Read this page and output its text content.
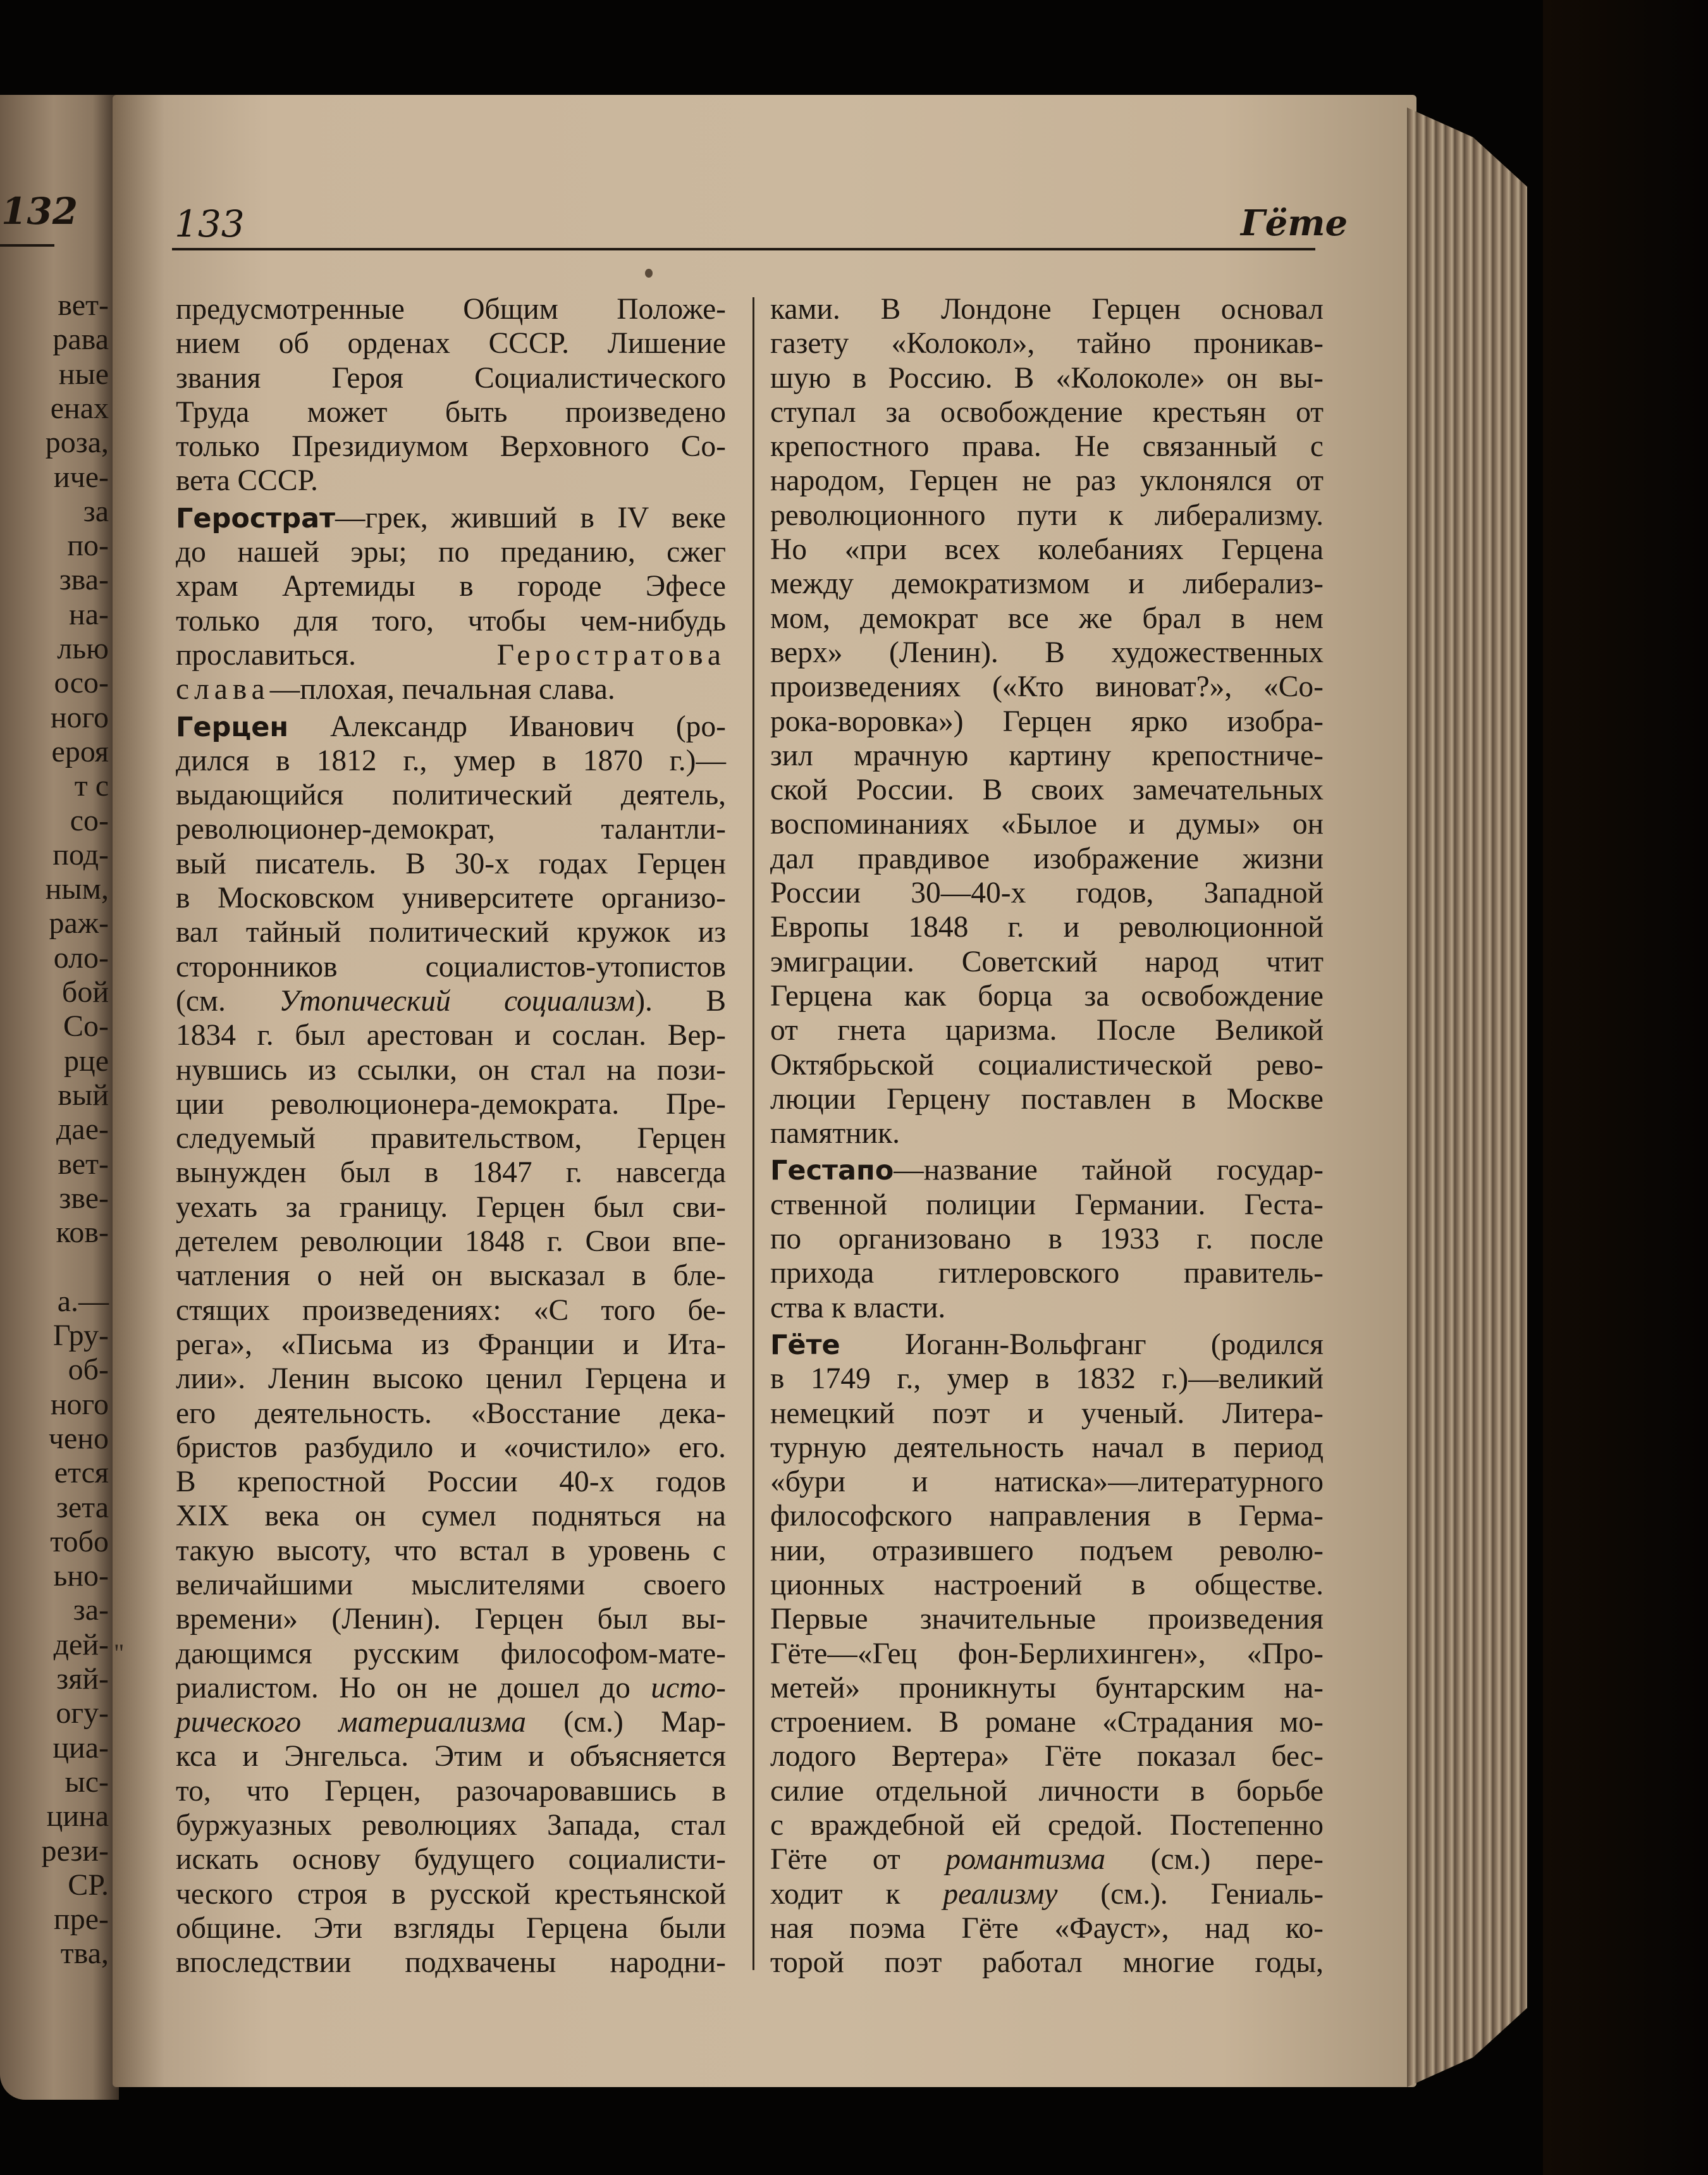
132
вет-
рава
ные
енах
роза,
иче-
за
по-
зва-
на-
лью
осо-
ного
ероя
т с
со-
под-
ным,
раж-
оло-
бой
Со-
рце
вый
дае-
вет-
зве-
ков-
а.—
Гру-
об-
ного
чено
ется
зета
тобо
ьно-
за-
дей-
зяй-
огу-
циа-
ыс-
цина
рези-
СР.
пре-
тва,
133	Гёте
"
предусмотренные Общим Положе-
нием об орденах СССР. Лишение
звания Героя Социалистического
Труда может быть произведено
только Президиумом Верховного Со-
вета СССР.
Герострат—грек, живший в IV веке
до нашей эры; по преданию, сжег
храм Артемиды в городе Эфесе
только для того, чтобы чем-нибудь
прославиться.	Геростратова
слава—плохая, печальная слава.
Герцен Александр Иванович (ро-
дился в 1812 г., умер в 1870 г.)—
выдающийся политический деятель,
революционер-демократ, талантли-
вый писатель. В 30-х годах Герцен
в Московском университете организо-
вал тайный политический кружок из
сторонников социалистов-утопистов
(см. Утопический социализм). В
1834 г. был арестован и сослан. Вер-
нувшись из ссылки, он стал на пози-
ции революционера-демократа. Пре-
следуемый правительством, Герцен
вынужден был в 1847 г. навсегда
уехать за границу. Герцен был сви-
детелем революции 1848 г. Свои впе-
чатления о ней он высказал в бле-
стящих произведениях: «С того бе-
рега», «Письма из Франции и Ита-
лии». Ленин высоко ценил Герцена и
его деятельность. «Восстание дека-
бристов разбудило и «очистило» его.
В крепостной России 40-х годов
XIX века он сумел подняться на
такую высоту, что встал в уровень с
величайшими мыслителями своего
времени» (Ленин). Герцен был вы-
дающимся русским философом-мате-
риалистом. Но он не дошел до исто-
рического материализма (см.) Мар-
кса и Энгельса. Этим и объясняется
то, что Герцен, разочаровавшись в
буржуазных революциях Запада, стал
искать основу будущего социалисти-
ческого строя в русской крестьянской
общине. Эти взгляды Герцена были
впоследствии подхвачены народни-
ками. В Лондоне Герцен основал
газету «Колокол», тайно проникав-
шую в Россию. В «Колоколе» он вы-
ступал за освобождение крестьян от
крепостного права. Не связанный с
народом, Герцен не раз уклонялся от
революционного пути к либерализму.
Но «при всех колебаниях Герцена
между демократизмом и либерализ-
мом, демократ все же брал в нем
верх» (Ленин). В художественных
произведениях («Кто виноват?», «Со-
рока-воровка») Герцен ярко изобра-
зил мрачную картину крепостниче-
ской России. В своих замечательных
воспоминаниях «Былое и думы» он
дал правдивое изображение жизни
России 30—40-х годов, Западной
Европы 1848 г. и революционной
эмиграции. Советский народ чтит
Герцена как борца за освобождение
от гнета царизма. После Великой
Октябрьской социалистической рево-
люции Герцену поставлен в Москве
памятник.
Гестапо—название тайной государ-
ственной полиции Германии. Геста-
по организовано в 1933 г. после
прихода гитлеровского правитель-
ства к власти.
Гёте Иоганн-Вольфганг (родился
в 1749 г., умер в 1832 г.)—великий
немецкий поэт и ученый. Литера-
турную деятельность начал в период
«бури и натиска»—литературного
философского направления в Герма-
нии, отразившего подъем револю-
ционных настроений в обществе.
Первые значительные произведения
Гёте—«Гец фон-Берлихинген», «Про-
метей» проникнуты бунтарским на-
строением. В романе «Страдания мо-
лодого Вертера» Гёте показал бес-
силие отдельной личности в борьбе
с враждебной ей средой. Постепенно
Гёте от романтизма (см.) пере-
ходит к реализму (см.). Гениаль-
ная поэма Гёте «Фауст», над ко-
торой поэт работал многие годы,
